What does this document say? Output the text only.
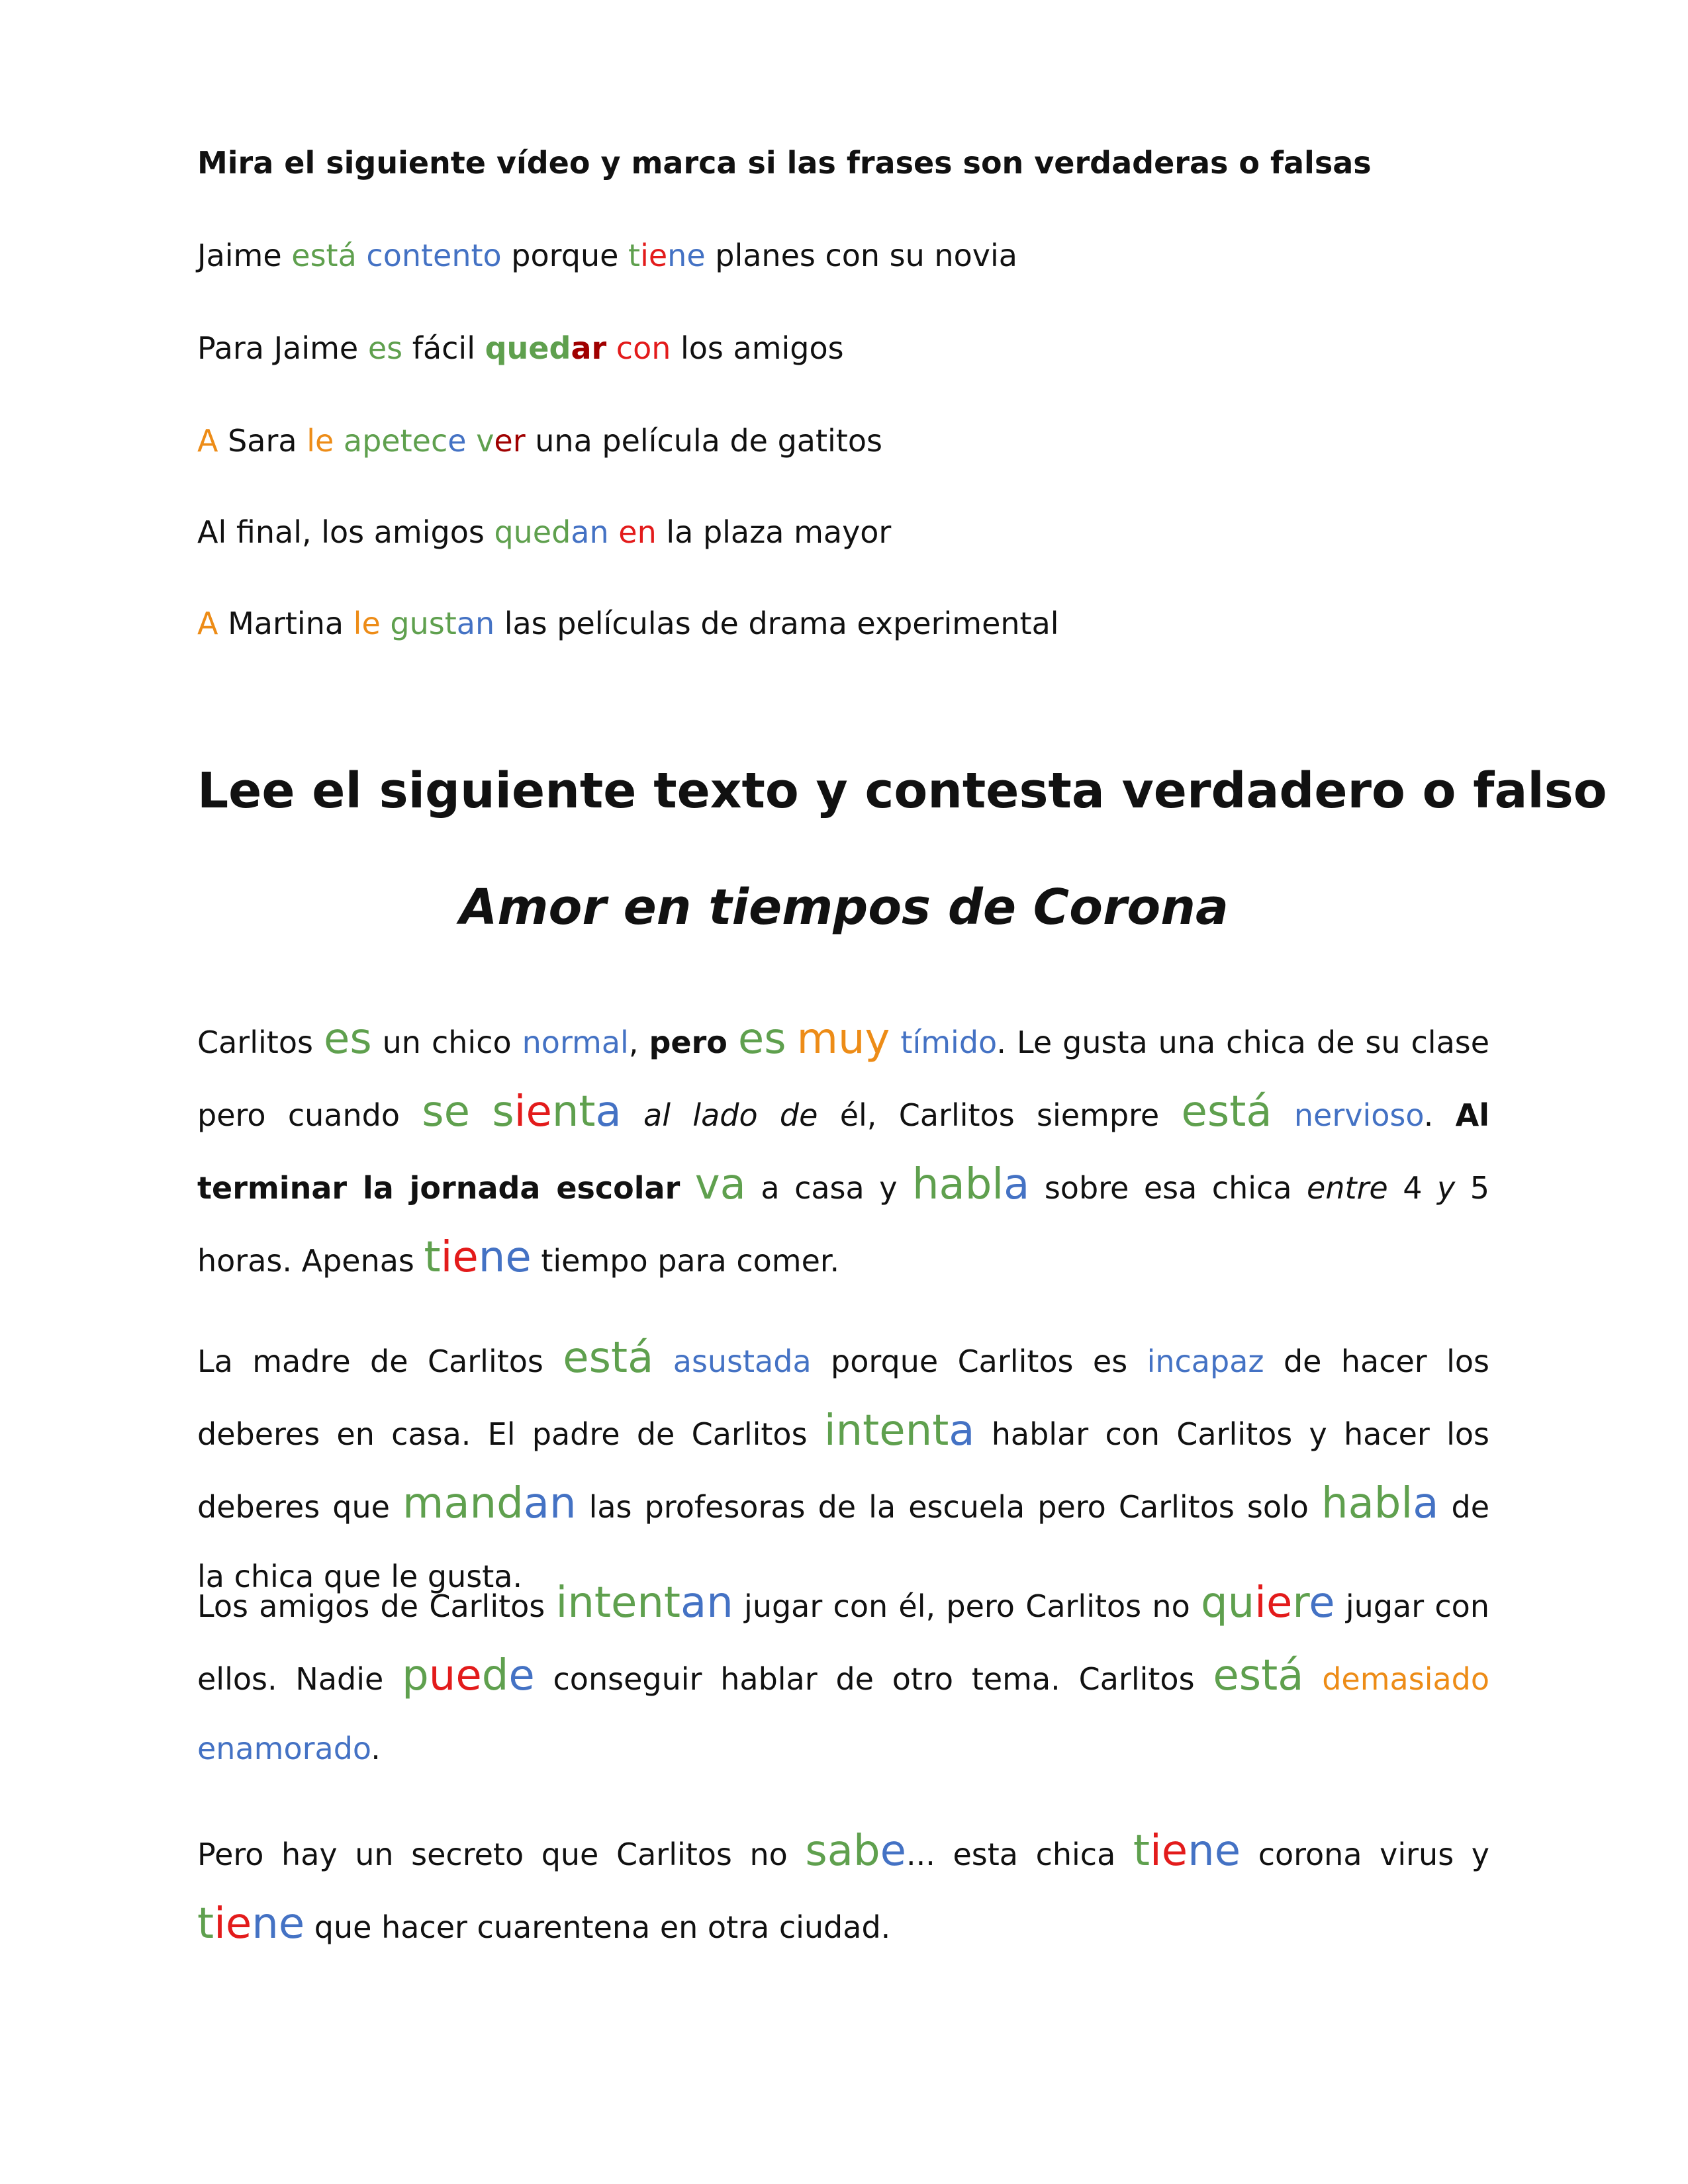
Mira el siguiente vídeo y marca si las frases son verdaderas o falsas
Jaime está contento porque tiene planes con su novia
Para Jaime es fácil quedar con los amigos
A Sara le apetece ver una película de gatitos
Al final, los amigos quedan en la plaza mayor
A Martina le gustan las películas de drama experimental
Lee el siguiente texto y contesta verdadero o falso
Amor en tiempos de Corona
Carlitos es un chico normal, pero es muy tímido. Le gusta una chica de su clase pero cuando se sienta al lado de él, Carlitos siempre está nervioso. Al terminar la jornada escolar va a casa y habla sobre esa chica entre 4 y 5 horas. Apenas tiene tiempo para comer.
La madre de Carlitos está asustada porque Carlitos es incapaz de hacer los deberes en casa. El padre de Carlitos intenta hablar con Carlitos y hacer los deberes que mandan las profesoras de la escuela pero Carlitos solo habla de la chica que le gusta.
Los amigos de Carlitos intentan jugar con él, pero Carlitos no quiere jugar con ellos. Nadie puede conseguir hablar de otro tema. Carlitos está demasiado enamorado.
Pero hay un secreto que Carlitos no sabe... esta chica tiene corona virus y tiene que hacer cuarentena en otra ciudad.
